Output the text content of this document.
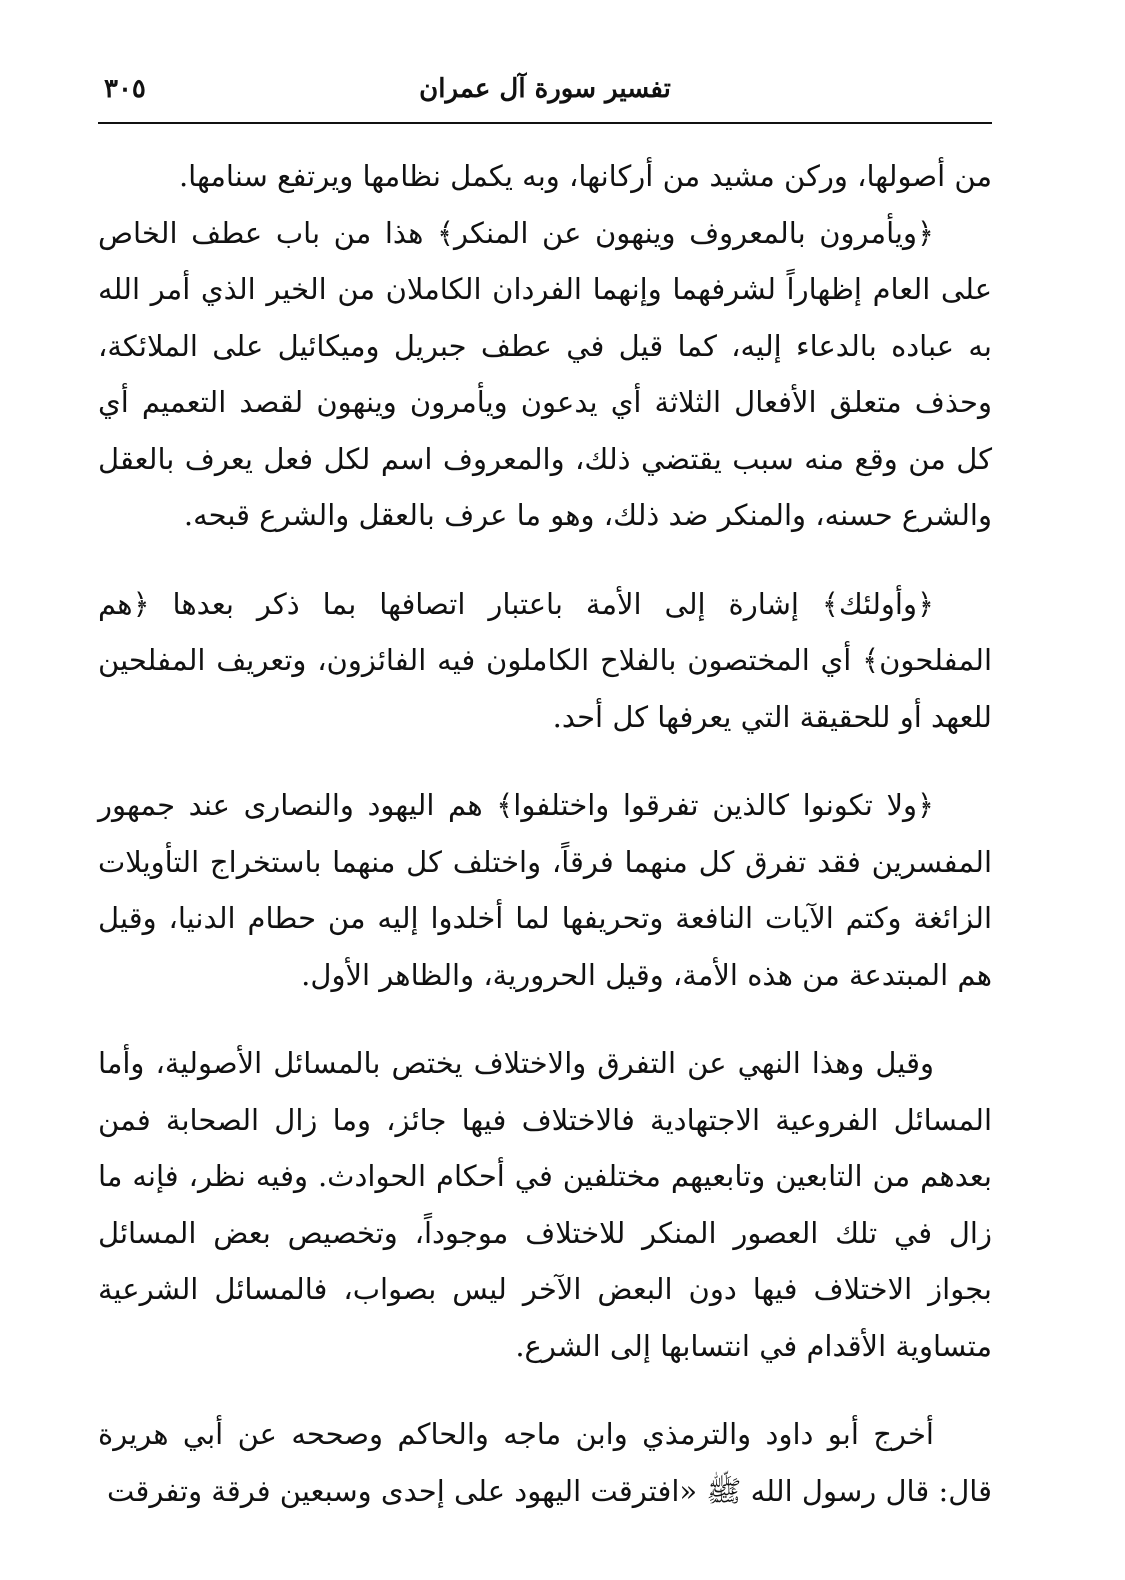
تفسير سورة آل عمران
٣٠٥

من أصولها، وركن مشيد من أركانها، وبه يكمل نظامها ويرتفع سنامها.

﴿ويأمرون بالمعروف وينهون عن المنكر﴾ هذا من باب عطف الخاص على العام إظهاراً لشرفهما وإنهما الفردان الكاملان من الخير الذي أمر الله به عباده بالدعاء إليه، كما قيل في عطف جبريل وميكائيل على الملائكة، وحذف متعلق الأفعال الثلاثة أي يدعون ويأمرون وينهون لقصد التعميم أي كل من وقع منه سبب يقتضي ذلك، والمعروف اسم لكل فعل يعرف بالعقل والشرع حسنه، والمنكر ضد ذلك، وهو ما عرف بالعقل والشرع قبحه.

﴿وأولئك﴾ إشارة إلى الأمة باعتبار اتصافها بما ذكر بعدها ﴿هم المفلحون﴾ أي المختصون بالفلاح الكاملون فيه الفائزون، وتعريف المفلحين للعهد أو للحقيقة التي يعرفها كل أحد.

﴿ولا تكونوا كالذين تفرقوا واختلفوا﴾ هم اليهود والنصارى عند جمهور المفسرين فقد تفرق كل منهما فرقاً، واختلف كل منهما باستخراج التأويلات الزائغة وكتم الآيات النافعة وتحريفها لما أخلدوا إليه من حطام الدنيا، وقيل هم المبتدعة من هذه الأمة، وقيل الحرورية، والظاهر الأول.

وقيل وهذا النهي عن التفرق والاختلاف يختص بالمسائل الأصولية، وأما المسائل الفروعية الاجتهادية فالاختلاف فيها جائز، وما زال الصحابة فمن بعدهم من التابعين وتابعيهم مختلفين في أحكام الحوادث. وفيه نظر، فإنه ما زال في تلك العصور المنكر للاختلاف موجوداً، وتخصيص بعض المسائل بجواز الاختلاف فيها دون البعض الآخر ليس بصواب، فالمسائل الشرعية متساوية الأقدام في انتسابها إلى الشرع.

أخرج أبو داود والترمذي وابن ماجه والحاكم وصححه عن أبي هريرة قال: قال رسول الله ﷺ «افترقت اليهود على إحدى وسبعين فرقة وتفرقت
